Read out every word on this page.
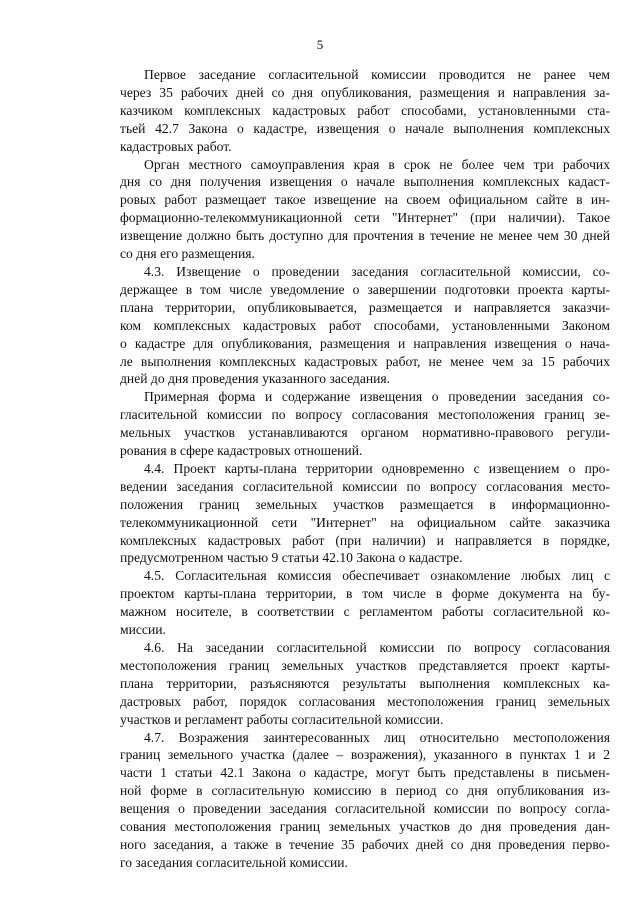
5

Первое заседание согласительной комиссии проводится не ранее чем
через 35 рабочих дней со дня опубликования, размещения и направления за-
казчиком комплексных кадастровых работ способами, установленными ста-
тьей 42.7 Закона о кадастре, извещения о начале выполнения комплексных
кадастровых работ.

Орган местного самоуправления края в срок не более чем три рабочих
дня со дня получения извещения о начале выполнения комплексных кадаст-
ровых работ размещает такое извещение на своем официальном сайте в ин-
формационно-телекоммуникационной сети "Интернет" (при наличии). Такое
извещение должно быть доступно для прочтения в течение не менее чем 30 дней
со дня его размещения.

4.3. Извещение о проведении заседания согласительной комиссии, со-
держащее в том числе уведомление о завершении подготовки проекта карты-
плана территории, опубликовывается, размещается и направляется заказчи-
ком комплексных кадастровых работ способами, установленными Законом
о кадастре для опубликования, размещения и направления извещения о нача-
ле выполнения комплексных кадастровых работ, не менее чем за 15 рабочих
дней до дня проведения указанного заседания.

Примерная форма и содержание извещения о проведении заседания со-
гласительной комиссии по вопросу согласования местоположения границ зе-
мельных участков устанавливаются органом нормативно-правового регули-
рования в сфере кадастровых отношений.

4.4. Проект карты-плана территории одновременно с извещением о про-
ведении заседания согласительной комиссии по вопросу согласования место-
положения границ земельных участков размещается в информационно-
телекоммуникационной сети "Интернет" на официальном сайте заказчика
комплексных кадастровых работ (при наличии) и направляется в порядке,
предусмотренном частью 9 статьи 42.10 Закона о кадастре.

4.5. Согласительная комиссия обеспечивает ознакомление любых лиц с
проектом карты-плана территории, в том числе в форме документа на бу-
мажном носителе, в соответствии с регламентом работы согласительной ко-
миссии.

4.6. На заседании согласительной комиссии по вопросу согласования
местоположения границ земельных участков представляется проект карты-
плана территории, разъясняются результаты выполнения комплексных ка-
дастровых работ, порядок согласования местоположения границ земельных
участков и регламент работы согласительной комиссии.

4.7. Возражения заинтересованных лиц относительно местоположения
границ земельного участка (далее – возражения), указанного в пунктах 1 и 2
части 1 статьи 42.1 Закона о кадастре, могут быть представлены в письмен-
ной форме в согласительную комиссию в период со дня опубликования из-
вещения о проведении заседания согласительной комиссии по вопросу согла-
сования местоположения границ земельных участков до дня проведения дан-
ного заседания, а также в течение 35 рабочих дней со дня проведения перво-
го заседания согласительной комиссии.
